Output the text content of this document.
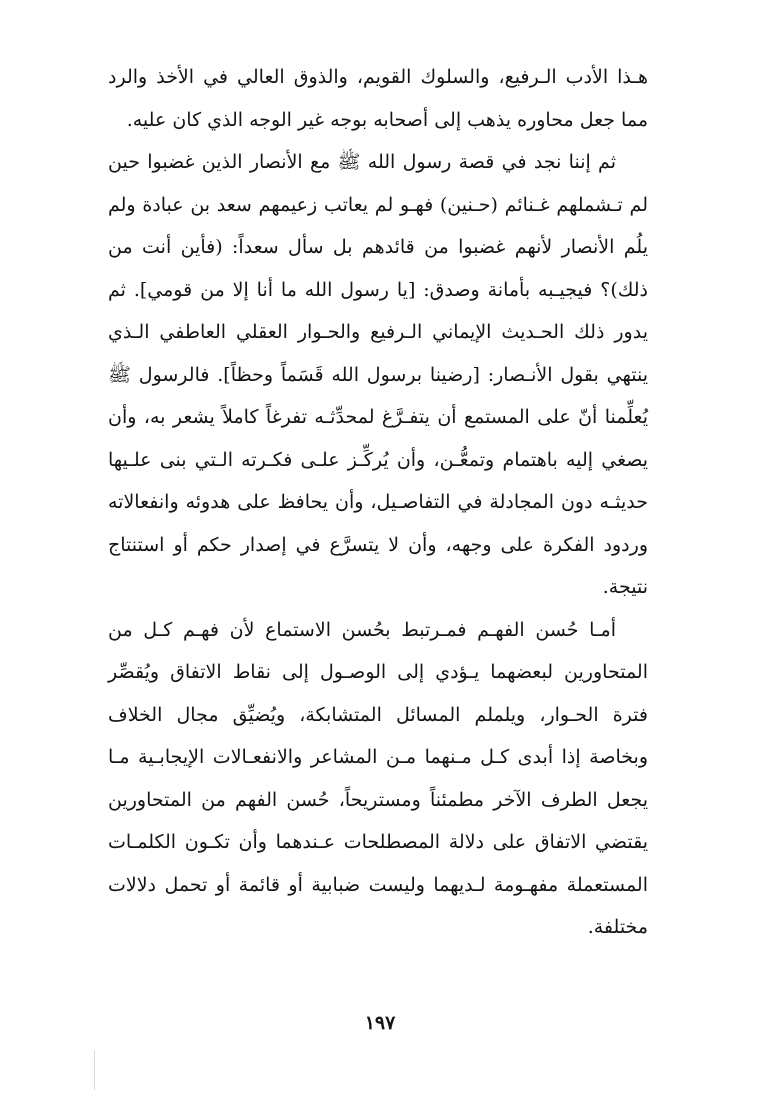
هـذا الأدب الـرفيع، والسلوك القويم، والذوق العالي في الأخذ والرد مما جعل محاوره يذهب إلى أصحابه بوجه غير الوجه الذي كان عليه.

ثم إننا نجد في قصة رسول الله ﷺ مع الأنصار الذين غضبوا حين لم تـشملهم غـنائم (حـنين) فهـو لم يعاتب زعيمهم سعد بن عبادة ولم يلُم الأنصار لأنهم غضبوا من قائدهم بل سأل سعداً: (فأين أنت من ذلك)؟ فيجيـبه بأمانة وصدق: [يا رسول الله ما أنا إلا من قومي]. ثم يدور ذلك الحـديث الإيماني الـرفيع والحـوار العقلي العاطفي الـذي ينتهي بقول الأنـصار: [رضينا برسول الله قَسَماً وحظاً]. فالرسول ﷺ يُعلِّمنا أنّ على المستمع أن يتفـرَّغ لمحدِّثـه تفرغاً كاملاً يشعر به، وأن يصغي إليه باهتمام وتمعُّـن، وأن يُركِّـز علـى فكـرته الـتي بنى علـيها حديثـه دون المجادلة في التفاصـيل، وأن يحافظ على هدوئه وانفعالاته وردود الفكرة على وجهه، وأن لا يتسرَّع في إصدار حكم أو استنتاج نتيجة.

أمـا حُسن الفهـم فمـرتبط بحُسن الاستماع لأن فهـم كـل من المتحاورين لبعضهما يـؤدي إلى الوصـول إلى نقاط الاتفاق ويُقصِّر فترة الحـوار، ويلملم المسائل المتشابكة، ويُضيِّق مجال الخلاف وبخاصة إذا أبدى كـل مـنهما مـن المشاعر والانفعـالات الإيجابـية مـا يجعل الطرف الآخر مطمئناً ومستريحاً، حُسن الفهم من المتحاورين يقتضي الاتفاق على دلالة المصطلحات عـندهما وأن تكـون الكلمـات المستعملة مفهـومة لـديهما وليست ضبابية أو قائمة أو تحمل دلالات مختلفة.

١٩٧
